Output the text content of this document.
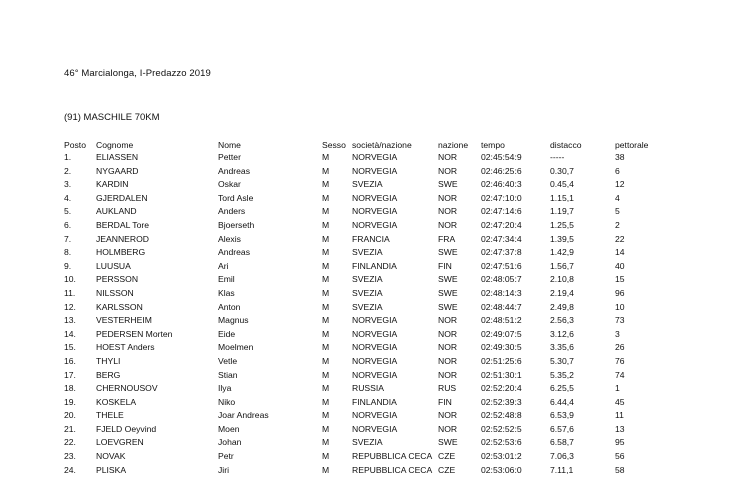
46° Marcialonga, I-Predazzo 2019
(91) MASCHILE 70KM
Posto	Cognome	Nome	Sesso	società/nazione	nazione	tempo	distacco	pettorale
1.	ELIASSEN	Petter	M	NORVEGIA	NOR	02:45:54:9	-----	38
2.	NYGAARD	Andreas	M	NORVEGIA	NOR	02:46:25:6	0.30,7	6
3.	KARDIN	Oskar	M	SVEZIA	SWE	02:46:40:3	0.45,4	12
4.	GJERDALEN	Tord Asle	M	NORVEGIA	NOR	02:47:10:0	1.15,1	4
5.	AUKLAND	Anders	M	NORVEGIA	NOR	02:47:14:6	1.19,7	5
6.	BERDAL Tore	Bjoerseth	M	NORVEGIA	NOR	02:47:20:4	1.25,5	2
7.	JEANNEROD	Alexis	M	FRANCIA	FRA	02:47:34:4	1.39,5	22
8.	HOLMBERG	Andreas	M	SVEZIA	SWE	02:47:37:8	1.42,9	14
9.	LUUSUA	Ari	M	FINLANDIA	FIN	02:47:51:6	1.56,7	40
10.	PERSSON	Emil	M	SVEZIA	SWE	02:48:05:7	2.10,8	15
11.	NILSSON	Klas	M	SVEZIA	SWE	02:48:14:3	2.19,4	96
12.	KARLSSON	Anton	M	SVEZIA	SWE	02:48:44:7	2.49,8	10
13.	VESTERHEIM	Magnus	M	NORVEGIA	NOR	02:48:51:2	2.56,3	73
14.	PEDERSEN Morten	Eide	M	NORVEGIA	NOR	02:49:07:5	3.12,6	3
15.	HOEST Anders	Moelmen	M	NORVEGIA	NOR	02:49:30:5	3.35,6	26
16.	THYLI	Vetle	M	NORVEGIA	NOR	02:51:25:6	5.30,7	76
17.	BERG	Stian	M	NORVEGIA	NOR	02:51:30:1	5.35,2	74
18.	CHERNOUSOV	Ilya	M	RUSSIA	RUS	02:52:20:4	6.25,5	1
19.	KOSKELA	Niko	M	FINLANDIA	FIN	02:52:39:3	6.44,4	45
20.	THELE	Joar Andreas	M	NORVEGIA	NOR	02:52:48:8	6.53,9	11
21.	FJELD Oeyvind	Moen	M	NORVEGIA	NOR	02:52:52:5	6.57,6	13
22.	LOEVGREN	Johan	M	SVEZIA	SWE	02:52:53:6	6.58,7	95
23.	NOVAK	Petr	M	REPUBBLICA CECA	CZE	02:53:01:2	7.06,3	56
24.	PLISKA	Jiri	M	REPUBBLICA CECA	CZE	02:53:06:0	7.11,1	58
